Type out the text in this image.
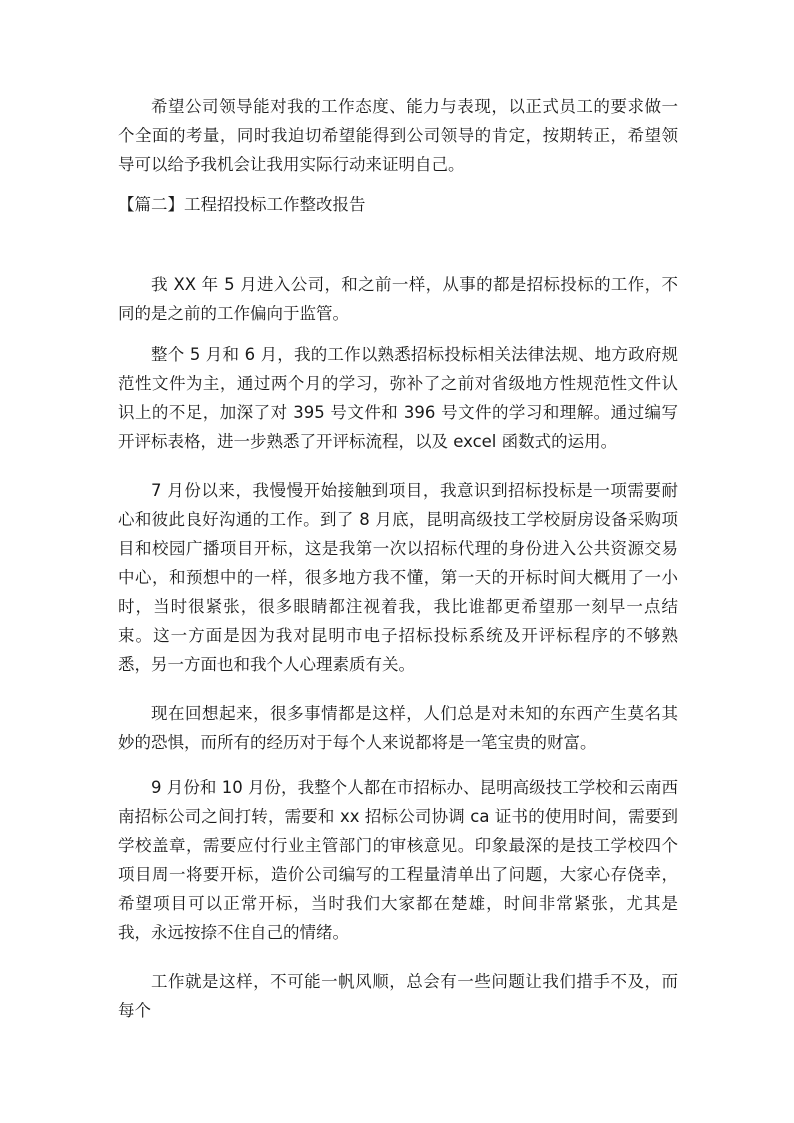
希望公司领导能对我的工作态度、能力与表现，以正式员工的要求做一个全面的考量，同时我迫切希望能得到公司领导的肯定，按期转正，希望领导可以给予我机会让我用实际行动来证明自己。

【篇二】工程招投标工作整改报告

我 XX 年 5 月进入公司，和之前一样，从事的都是招标投标的工作，不同的是之前的工作偏向于监管。

整个 5 月和 6 月，我的工作以熟悉招标投标相关法律法规、地方政府规范性文件为主，通过两个月的学习，弥补了之前对省级地方性规范性文件认识上的不足，加深了对 395 号文件和 396 号文件的学习和理解。通过编写开评标表格，进一步熟悉了开评标流程，以及 excel 函数式的运用。

7 月份以来，我慢慢开始接触到项目，我意识到招标投标是一项需要耐心和彼此良好沟通的工作。到了 8 月底，昆明高级技工学校厨房设备采购项目和校园广播项目开标，这是我第一次以招标代理的身份进入公共资源交易中心，和预想中的一样，很多地方我不懂，第一天的开标时间大概用了一小时，当时很紧张，很多眼睛都注视着我，我比谁都更希望那一刻早一点结束。这一方面是因为我对昆明市电子招标投标系统及开评标程序的不够熟悉，另一方面也和我个人心理素质有关。

现在回想起来，很多事情都是这样，人们总是对未知的东西产生莫名其妙的恐惧，而所有的经历对于每个人来说都将是一笔宝贵的财富。

9 月份和 10 月份，我整个人都在市招标办、昆明高级技工学校和云南西南招标公司之间打转，需要和 xx 招标公司协调 ca 证书的使用时间，需要到学校盖章，需要应付行业主管部门的审核意见。印象最深的是技工学校四个项目周一将要开标，造价公司编写的工程量清单出了问题，大家心存侥幸，希望项目可以正常开标，当时我们大家都在楚雄，时间非常紧张，尤其是我，永远按捺不住自己的情绪。

工作就是这样，不可能一帆风顺，总会有一些问题让我们措手不及，而每个
